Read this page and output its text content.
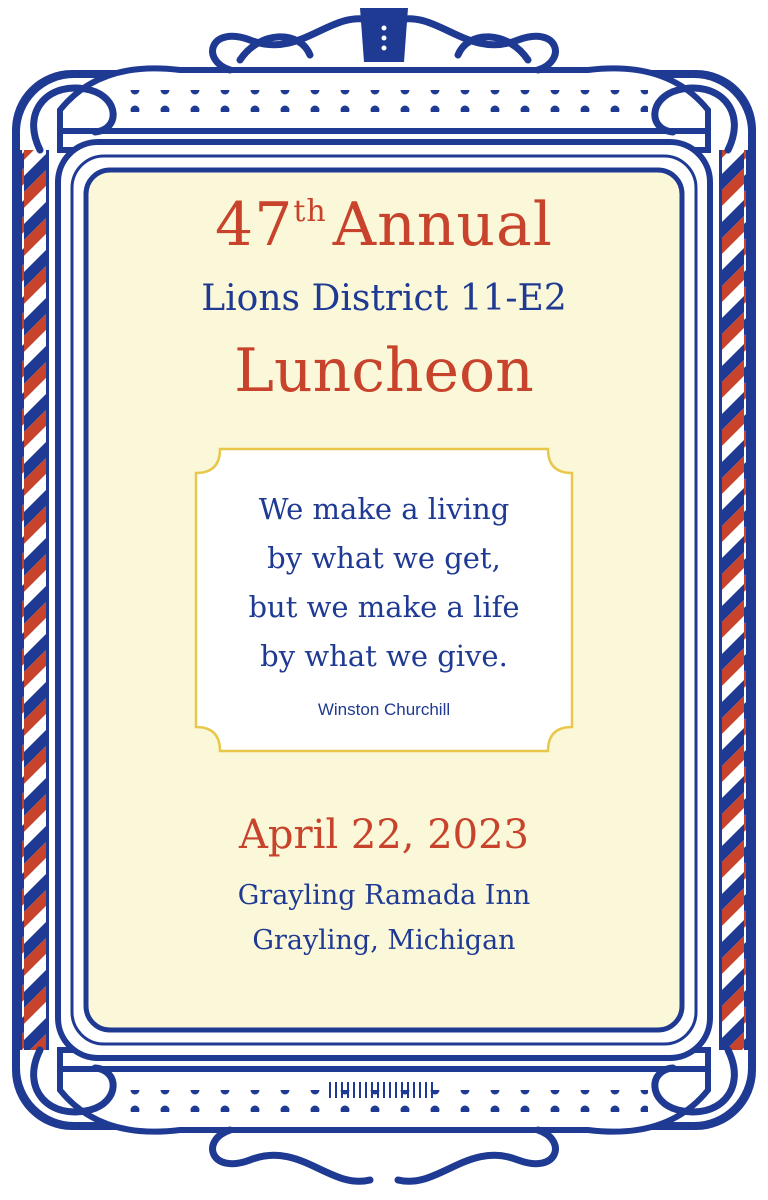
47th Annual
Lions District 11-E2
Luncheon
We make a living
by what we get,
but we make a life
by what we give.
Winston Churchill
April 22, 2023
Grayling Ramada Inn
Grayling, Michigan
